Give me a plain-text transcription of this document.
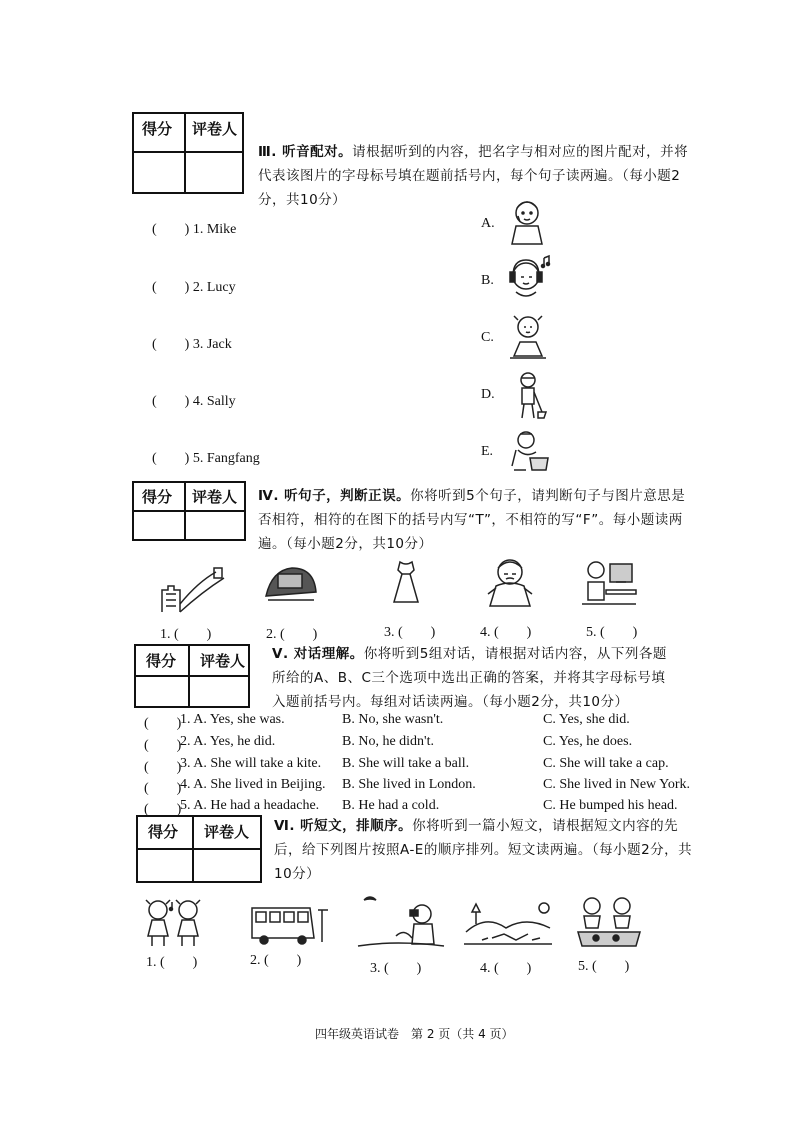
得分 评卷人
Ⅲ. 听音配对。请根据听到的内容，把名字与相对应的图片配对，并将代表该图片的字母标号填在题前括号内，每个句子读两遍。（每小题2分，共10分）
(　　) 1. Mike
(　　) 2. Lucy
(　　) 3. Jack
(　　) 4. Sally
(　　) 5. Fangfang
A.
B.
C.
D.
E.
得分 评卷人 Ⅳ. 听句子，判断正误。你将听到5个句子，请判断句子与图片意思是否相符，相符的在图下的括号内写“T”，不相符的写“F”。每小题读两遍。（每小题2分，共10分）
1. (　　)	2. (　　)	3. (　　)	4. (　　)	5. (　　)
得分 评卷人 Ⅴ. 对话理解。你将听到5组对话，请根据对话内容，从下列各题所给的A、B、C三个选项中选出正确的答案，并将其字母标号填入题前括号内。每组对话读两遍。（每小题2分，共10分）
(　　)
1. A. Yes, she was.	B. No, she wasn't.	C. Yes, she did.
(　　)
2. A. Yes, he did.	B. No, he didn't.	C. Yes, he does.
(　　)
3. A. She will take a kite. B. She will take a ball.	C. She will take a cap.
(　　)
4. A. She lived in Beijing. B. She lived in London.	C. She lived in New York.
(　　)
5. A. He had a headache. B. He had a cold.	C. He bumped his head.
得分 评卷人 Ⅵ. 听短文，排顺序。你将听到一篇小短文，请根据短文内容的先后，给下列图片按照A-E的顺序排列。短文读两遍。（每小题2分，共10分）
1. (　　)	2. (　　)
3. (　　)	4. (　　)	5. (　　)
四年级英语试卷　第 2 页（共 4 页）
